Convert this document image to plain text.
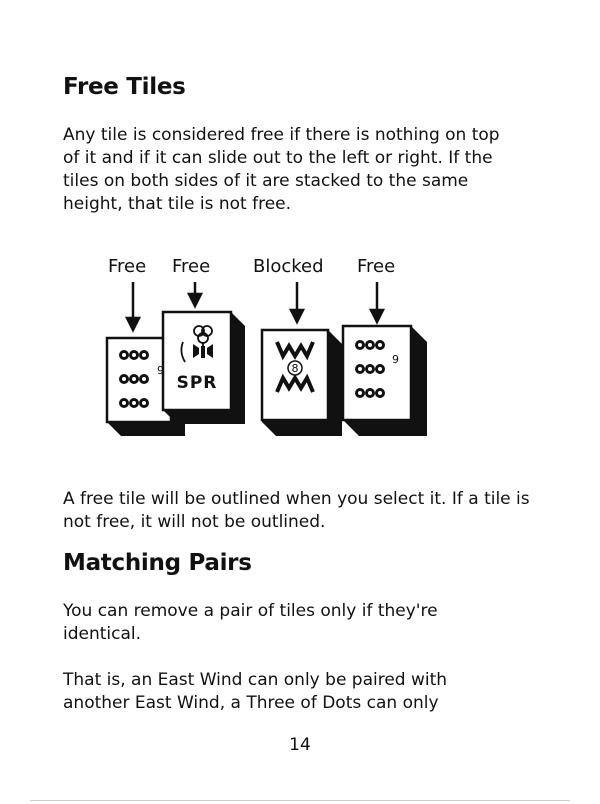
Free Tiles

Any tile is considered free if there is nothing on top of it and if it can slide out to the left or right. If the tiles on both sides of it are stacked to the same height, that tile is not free.

Free Free Blocked Free
9
SPR
8
9

A free tile will be outlined when you select it. If a tile is not free, it will not be outlined.

Matching Pairs

You can remove a pair of tiles only if they're identical.

That is, an East Wind can only be paired with another East Wind, a Three of Dots can only

14
